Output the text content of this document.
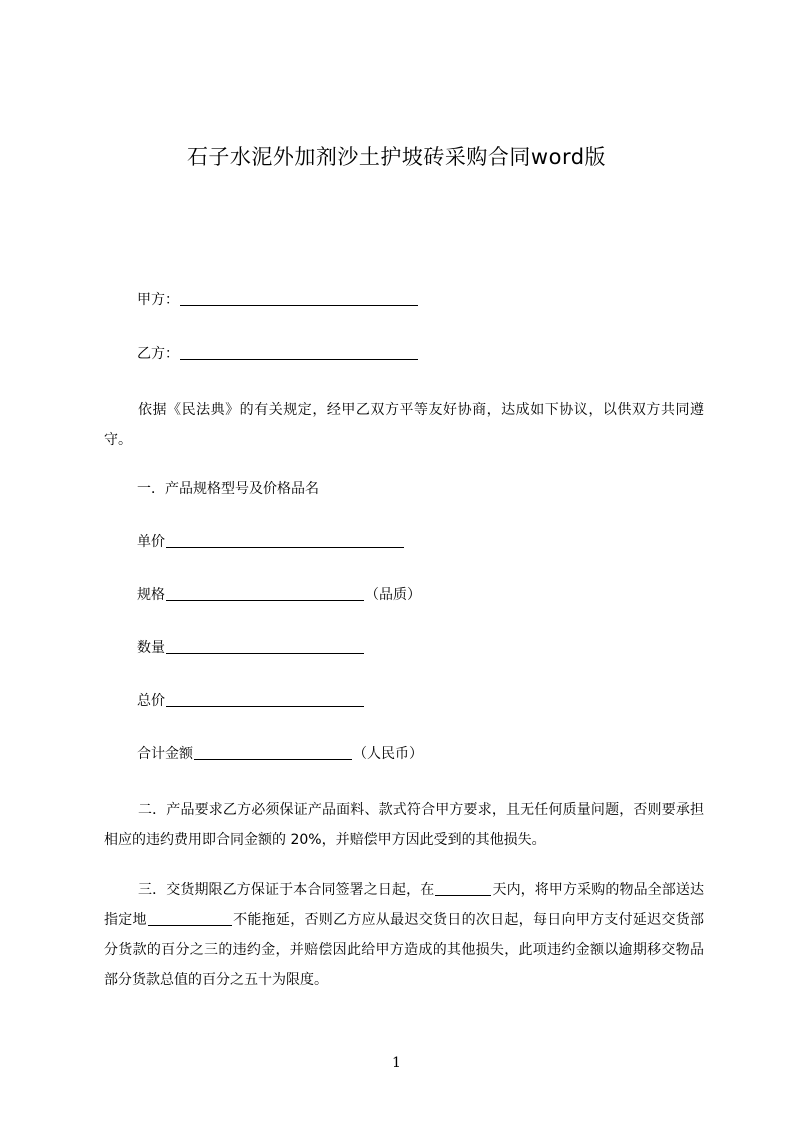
石子水泥外加剂沙土护坡砖采购合同word版
甲方：
乙方：
依据《民法典》的有关规定，经甲乙双方平等友好协商，达成如下协议，以供双方共同遵守。
一．产品规格型号及价格品名
单价
规格	（品质）
数量
总价
合计金额	（人民币）
二．产品要求乙方必须保证产品面料、款式符合甲方要求，且无任何质量问题，否则要承担相应的违约费用即合同金额的 20%，并赔偿甲方因此受到的其他损失。
三．交货期限乙方保证于本合同签署之日起，在	天内，将甲方采购的物品全部送达指定地	不能拖延，否则乙方应从最迟交货日的次日起，每日向甲方支付延迟交货部分货款的百分之三的违约金，并赔偿因此给甲方造成的其他损失，此项违约金额以逾期移交物品部分货款总值的百分之五十为限度。
1
